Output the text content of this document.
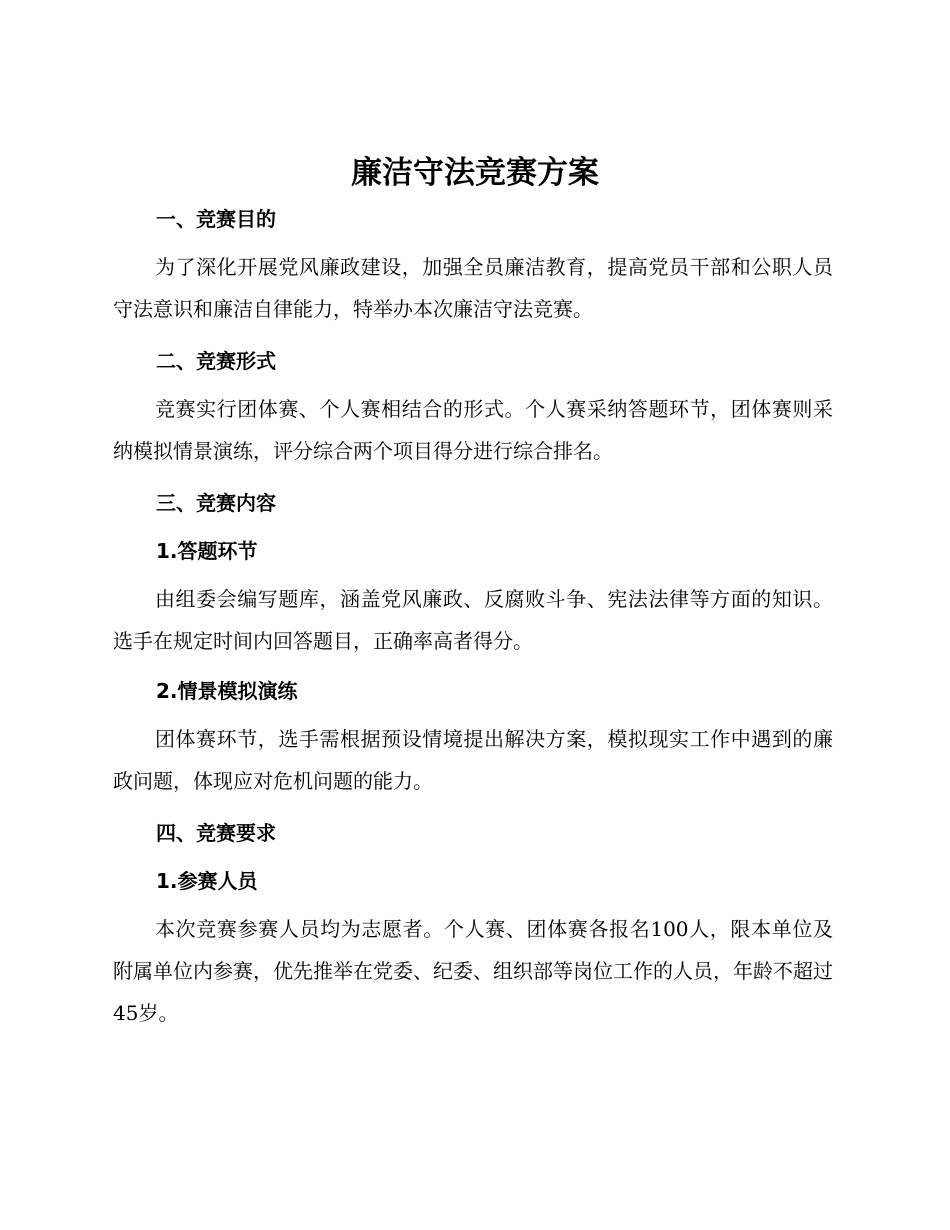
廉洁守法竞赛方案
一、竞赛目的

为了深化开展党风廉政建设，加强全员廉洁教育，提高党员干部和公职人员守法意识和廉洁自律能力，特举办本次廉洁守法竞赛。

二、竞赛形式

竞赛实行团体赛、个人赛相结合的形式。个人赛采纳答题环节，团体赛则采纳模拟情景演练，评分综合两个项目得分进行综合排名。

三、竞赛内容
1.答题环节

由组委会编写题库，涵盖党风廉政、反腐败斗争、宪法法律等方面的知识。选手在规定时间内回答题目，正确率高者得分。

2.情景模拟演练

团体赛环节，选手需根据预设情境提出解决方案，模拟现实工作中遇到的廉政问题，体现应对危机问题的能力。

四、竞赛要求
1.参赛人员

本次竞赛参赛人员均为志愿者。个人赛、团体赛各报名100人，限本单位及附属单位内参赛，优先推举在党委、纪委、组织部等岗位工作的人员，年龄不超过45岁。
